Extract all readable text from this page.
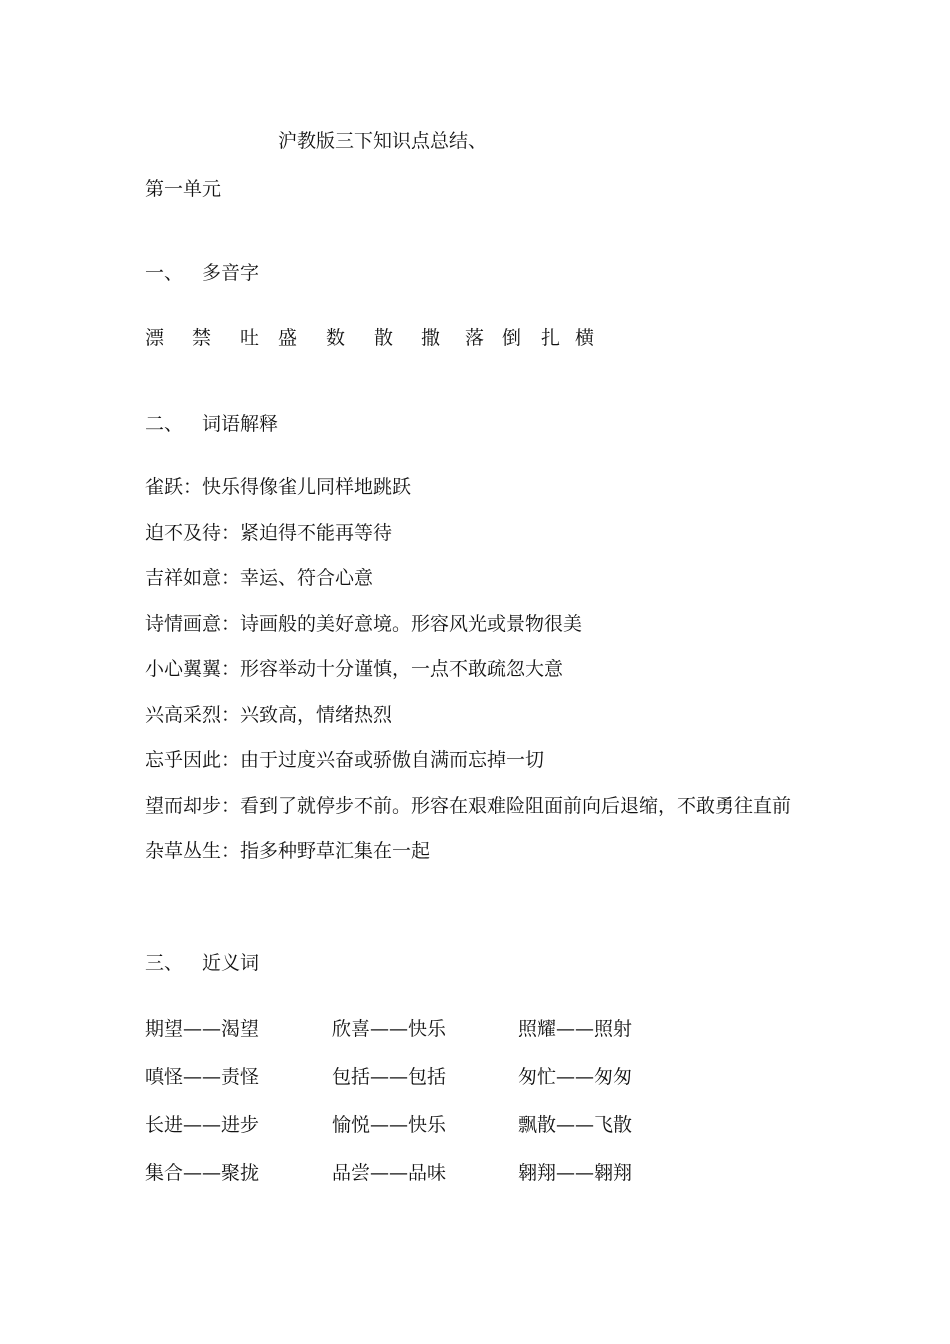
沪教版三下知识点总结、
第一单元
一、 多音字
漂 禁 吐 盛 数 散 撒 落 倒 扎 横
二、 词语解释
雀跃：快乐得像雀儿同样地跳跃
迫不及待：紧迫得不能再等待
吉祥如意：幸运、符合心意
诗情画意：诗画般的美好意境。形容风光或景物很美
小心翼翼：形容举动十分谨慎，一点不敢疏忽大意
兴高采烈：兴致高，情绪热烈
忘乎因此：由于过度兴奋或骄傲自满而忘掉一切
望而却步：看到了就停步不前。形容在艰难险阻面前向后退缩，不敢勇往直前
杂草丛生：指多种野草汇集在一起
三、 近义词
期望——渴望	欣喜——快乐	照耀——照射
嗔怪——责怪	包括——包括	匆忙——匆匆
长进——进步	愉悦——快乐	飘散——飞散
集合——聚拢	品尝——品味	翱翔——翱翔
